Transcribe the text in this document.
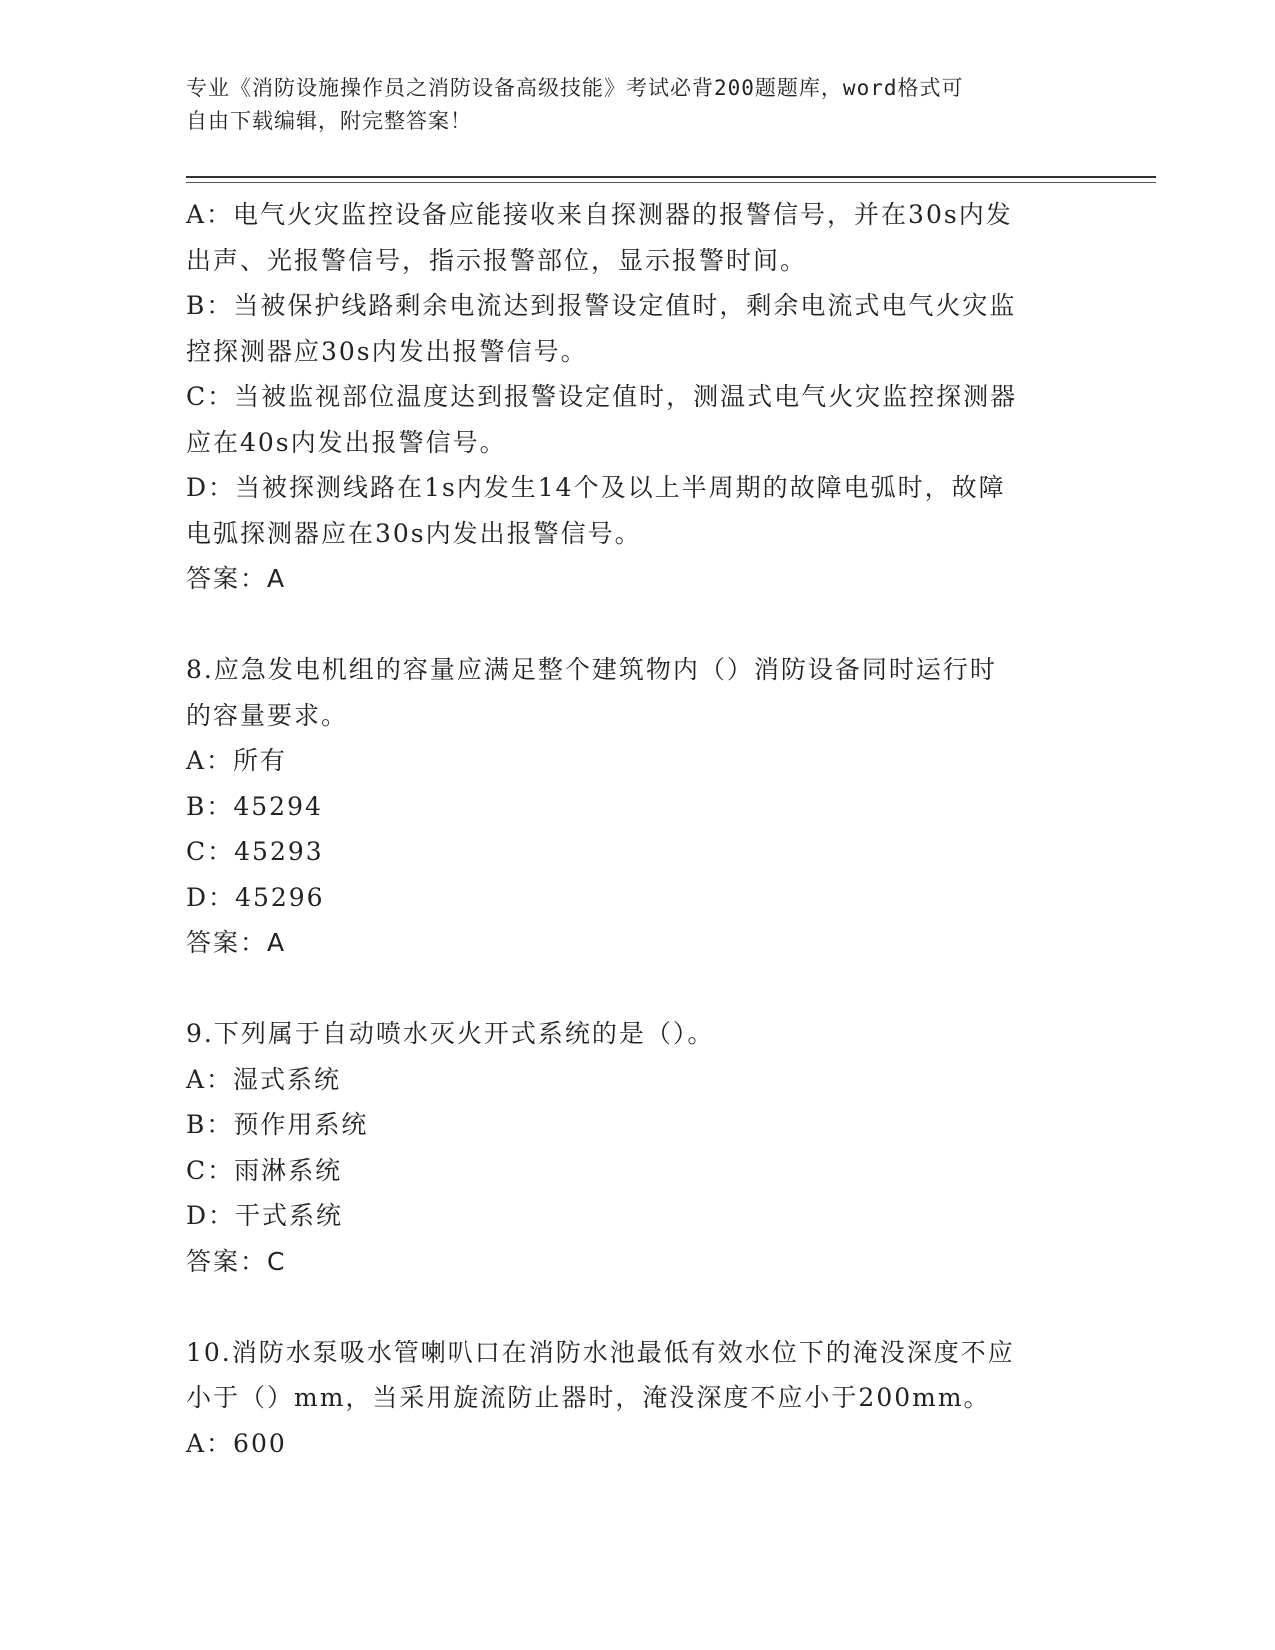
专业《消防设施操作员之消防设备高级技能》考试必背200题题库，word格式可
自由下载编辑，附完整答案！
A：电气火灾监控设备应能接收来自探测器的报警信号，并在30s内发
出声、光报警信号，指示报警部位，显示报警时间。
B：当被保护线路剩余电流达到报警设定值时，剩余电流式电气火灾监
控探测器应30s内发出报警信号。
C：当被监视部位温度达到报警设定值时，测温式电气火灾监控探测器
应在40s内发出报警信号。
D：当被探测线路在1s内发生14个及以上半周期的故障电弧时，故障
电弧探测器应在30s内发出报警信号。
答案：A
8.应急发电机组的容量应满足整个建筑物内（）消防设备同时运行时
的容量要求。
A：所有
B：45294
C：45293
D：45296
答案：A
9.下列属于自动喷水灭火开式系统的是（）。
A：湿式系统
B：预作用系统
C：雨淋系统
D：干式系统
答案：C
10.消防水泵吸水管喇叭口在消防水池最低有效水位下的淹没深度不应
小于（）mm，当采用旋流防止器时，淹没深度不应小于200mm。
A：600
